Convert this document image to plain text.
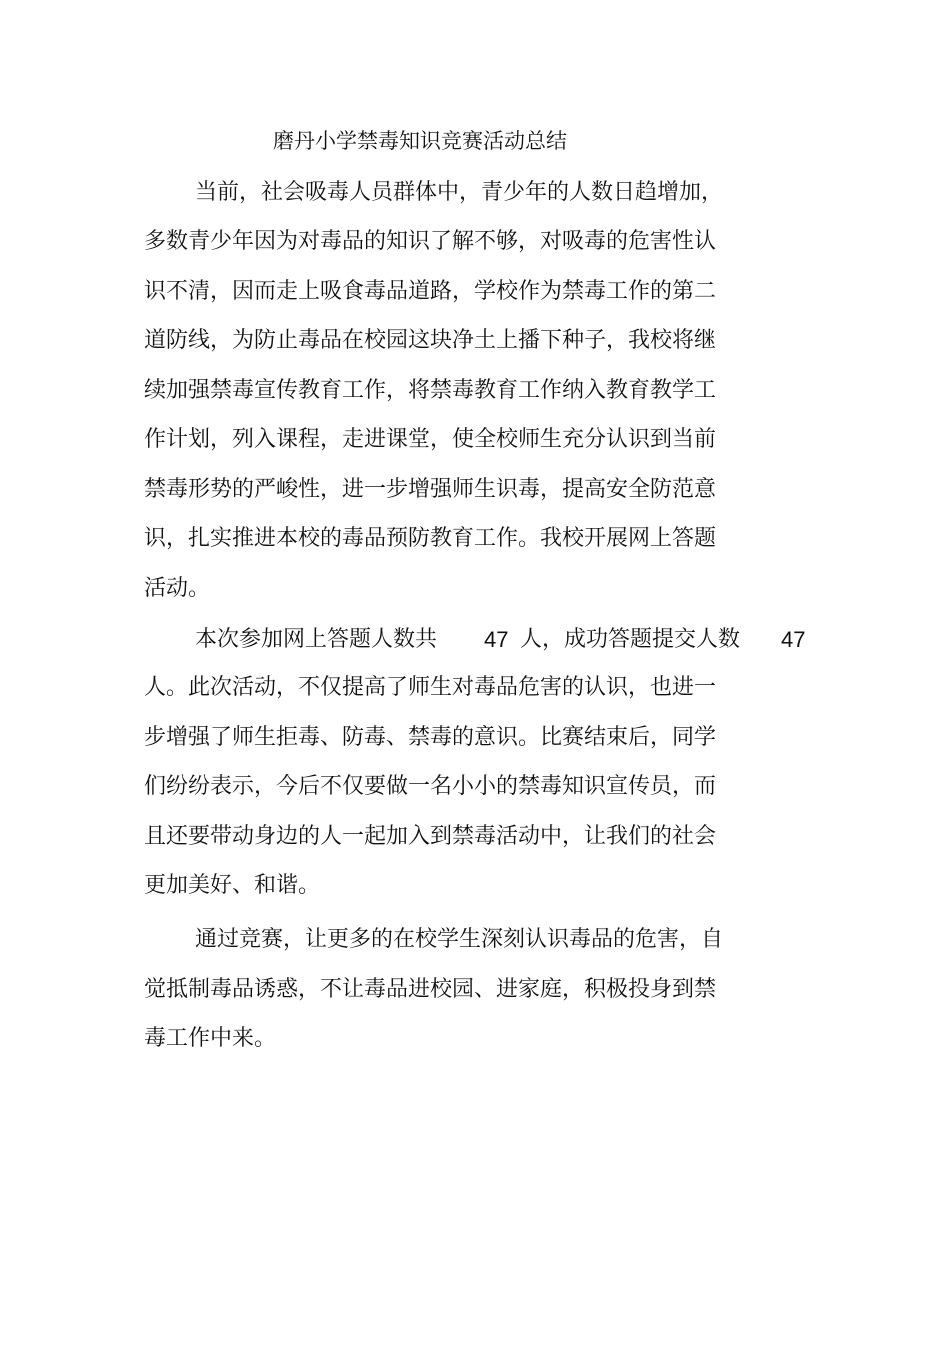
磨丹小学禁毒知识竞赛活动总结
当前，社会吸毒人员群体中，青少年的人数日趋增加，
多数青少年因为对毒品的知识了解不够，对吸毒的危害性认
识不清，因而走上吸食毒品道路，学校作为禁毒工作的第二
道防线，为防止毒品在校园这块净土上播下种子，我校将继
续加强禁毒宣传教育工作，将禁毒教育工作纳入教育教学工
作计划，列入课程，走进课堂，使全校师生充分认识到当前
禁毒形势的严峻性，进一步增强师生识毒，提高安全防范意
识，扎实推进本校的毒品预防教育工作。我校开展网上答题
活动。
本次参加网上答题人数共 47 人，成功答题提交人数 47
人。此次活动，不仅提高了师生对毒品危害的认识，也进一
步增强了师生拒毒、防毒、禁毒的意识。比赛结束后，同学
们纷纷表示，今后不仅要做一名小小的禁毒知识宣传员，而
且还要带动身边的人一起加入到禁毒活动中，让我们的社会
更加美好、和谐。
通过竞赛，让更多的在校学生深刻认识毒品的危害，自
觉抵制毒品诱惑，不让毒品进校园、进家庭，积极投身到禁
毒工作中来。
